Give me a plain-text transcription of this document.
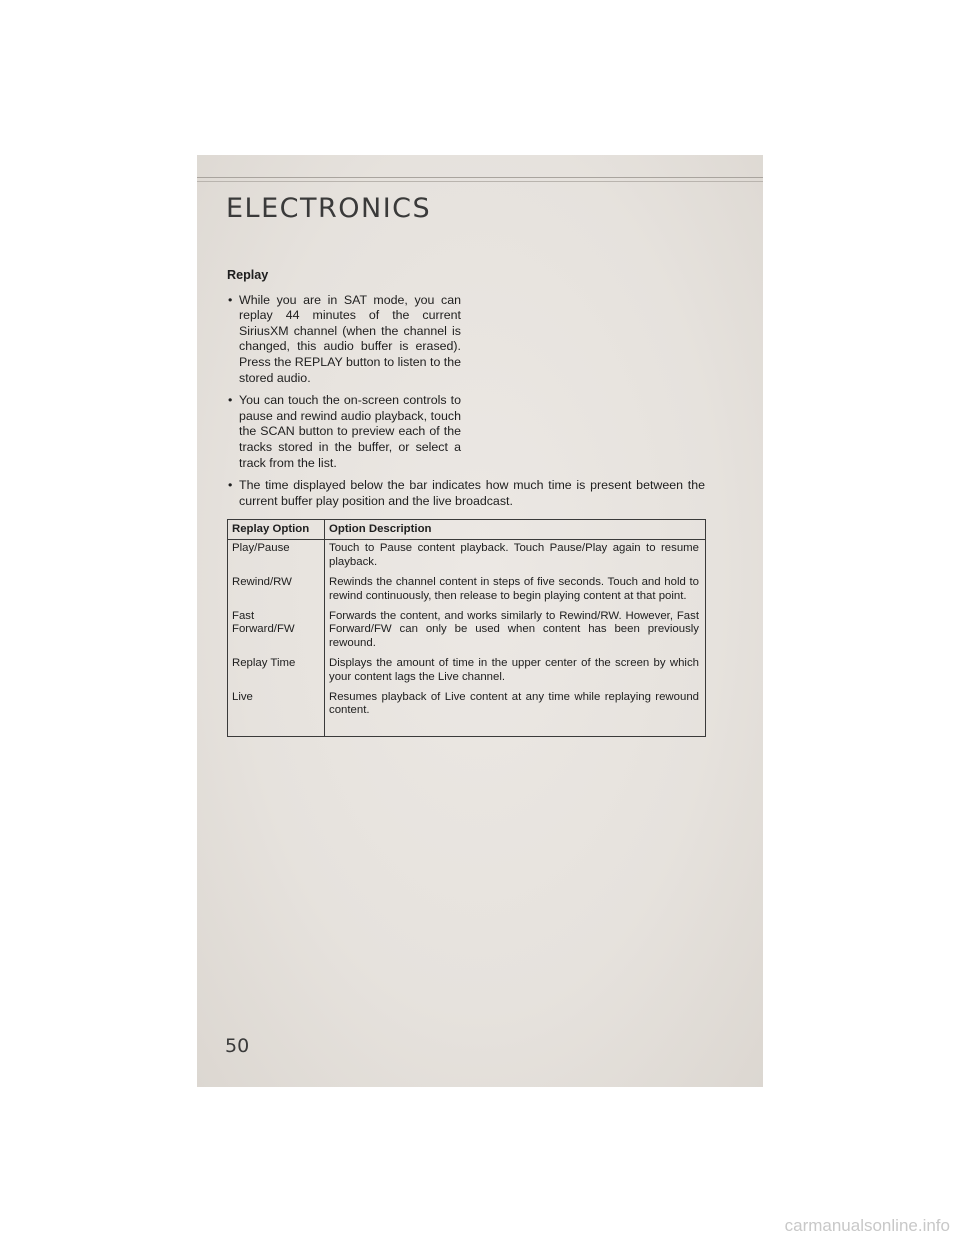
ELECTRONICS

Replay

• While you are in SAT mode, you can replay 44 minutes of the current SiriusXM channel (when the channel is changed, this audio buffer is erased). Press the REPLAY button to listen to the stored audio.

• You can touch the on-screen controls to pause and rewind audio playback, touch the SCAN button to preview each of the tracks stored in the buffer, or select a track from the list.

• The time displayed below the bar indicates how much time is present between the current buffer play position and the live broadcast.

Replay Option	Option Description
Play/Pause	Touch to Pause content playback. Touch Pause/Play again to resume playback.
Rewind/RW	Rewinds the channel content in steps of five seconds. Touch and hold to rewind continuously, then release to begin playing content at that point.
Fast Forward/FW	Forwards the content, and works similarly to Rewind/RW. However, Fast Forward/FW can only be used when content has been previously rewound.
Replay Time	Displays the amount of time in the upper center of the screen by which your content lags the Live channel.
Live	Resumes playback of Live content at any time while replaying rewound content.
50
carmanualsonline.info
